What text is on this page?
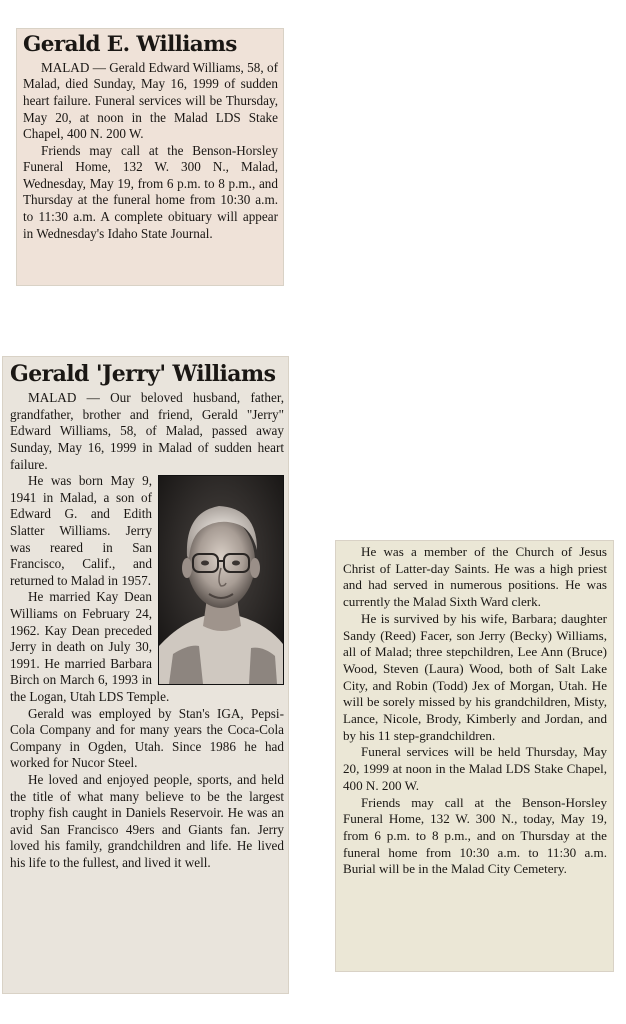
Gerald E. Williams

MALAD — Gerald Edward Williams, 58, of Malad, died Sunday, May 16, 1999 of sudden heart failure. Funeral services will be Thursday, May 20, at noon in the Malad LDS Stake Chapel, 400 N. 200 W.

Friends may call at the Benson-Horsley Funeral Home, 132 W. 300 N., Malad, Wednesday, May 19, from 6 p.m. to 8 p.m., and Thursday at the funeral home from 10:30 a.m. to 11:30 a.m. A complete obituary will appear in Wednesday's Idaho State Journal.

Gerald 'Jerry' Williams

MALAD — Our beloved husband, father, grandfather, brother and friend, Gerald "Jerry" Edward Williams, 58, of Malad, passed away Sunday, May 16, 1999 in Malad of sudden heart failure.

He was born May 9, 1941 in Malad, a son of Edward G. and Edith Slatter Williams. Jerry was reared in San Francisco, Calif., and returned to Malad in 1957.

He married Kay Dean Williams on February 24, 1962. Kay Dean preceded Jerry in death on July 30, 1991. He married Barbara Birch on March 6, 1993 in the Logan, Utah LDS Temple.

Gerald was employed by Stan's IGA, Pepsi-Cola Company and for many years the Coca-Cola Company in Ogden, Utah. Since 1986 he had worked for Nucor Steel.

He loved and enjoyed people, sports, and held the title of what many believe to be the largest trophy fish caught in Daniels Reservoir. He was an avid San Francisco 49ers and Giants fan. Jerry loved his family, grandchildren and life. He lived his life to the fullest, and lived it well.

He was a member of the Church of Jesus Christ of Latter-day Saints. He was a high priest and had served in numerous positions. He was currently the Malad Sixth Ward clerk.

He is survived by his wife, Barbara; daughter Sandy (Reed) Facer, son Jerry (Becky) Williams, all of Malad; three stepchildren, Lee Ann (Bruce) Wood, Steven (Laura) Wood, both of Salt Lake City, and Robin (Todd) Jex of Morgan, Utah. He will be sorely missed by his grandchildren, Misty, Lance, Nicole, Brody, Kimberly and Jordan, and by his 11 step-grandchildren.

Funeral services will be held Thursday, May 20, 1999 at noon in the Malad LDS Stake Chapel, 400 N. 200 W.

Friends may call at the Benson-Horsley Funeral Home, 132 W. 300 N., today, May 19, from 6 p.m. to 8 p.m., and on Thursday at the funeral home from 10:30 a.m. to 11:30 a.m. Burial will be in the Malad City Cemetery.
